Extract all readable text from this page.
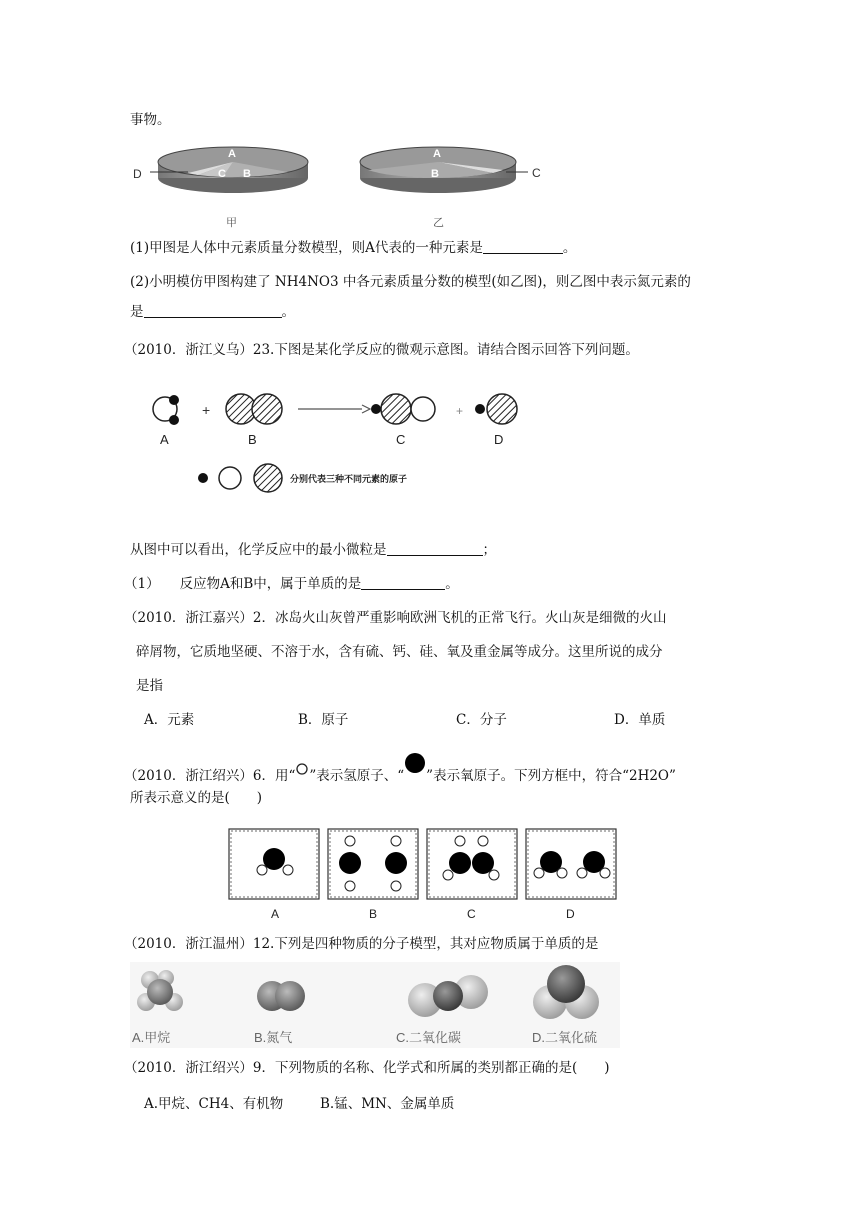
事物。
A
C B
D
甲
A
B	C
乙
(1)甲图是人体中元素质量分数模型，则A代表的一种元素是	。
(2)小明模仿甲图构建了 NH4NO3 中各元素质量分数的模型(如乙图)，则乙图中表示氮元素的
是	。
（2010．浙江义乌）23.下图是某化学反应的微观示意图。请结合图示回答下列问题。
A
+
B	C
+
D
分别代表三种不同元素的原子
从图中可以看出，化学反应中的最小微粒是	；
（1） 反应物A和B中，属于单质的是	。
（2010．浙江嘉兴）2．冰岛火山灰曾严重影响欧洲飞机的正常飞行。火山灰是细微的火山
碎屑物，它质地坚硬、不溶于水，含有硫、钙、硅、氧及重金属等成分。这里所说的成分
是指
A．元素	B．原子	C．分子	D．单质
（2010．浙江绍兴）6．用“ ”表示氢原子、“ ”表示氧原子。下列方框中，符合“2H2O”
所表示意义的是(　　)
A	B	C	D
（2010．浙江温州）12.下列是四种物质的分子模型，其对应物质属于单质的是
A.甲烷	B.氮气	C.二氧化碳	D.二氧化硫
（2010．浙江绍兴）9．下列物质的名称、化学式和所属的类别都正确的是(　　)
A.甲烷、CH4、有机物	B.锰、MN、金属单质
